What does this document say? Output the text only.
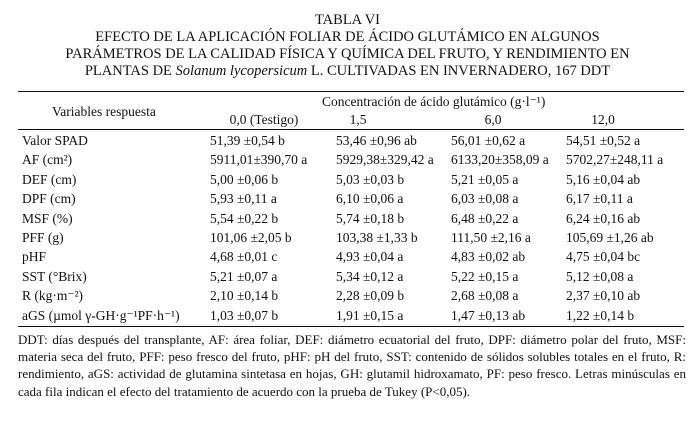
TABLA VI
EFECTO DE LA APLICACIÓN FOLIAR DE ÁCIDO GLUTÁMICO EN ALGUNOS
PARÁMETROS DE LA CALIDAD FÍSICA Y QUÍMICA DEL FRUTO, Y RENDIMIENTO EN
PLANTAS DE Solanum lycopersicum L. CULTIVADAS EN INVERNADERO, 167 DDT
Variables respuesta
Concentración de ácido glutámico (g·l⁻¹)
DDT: días después del transplante, AF: área foliar, DEF: diámetro ecuatorial del fruto, DPF: diámetro polar del fruto, MSF: materia seca del fruto, PFF: peso fresco del fruto, pHF: pH del fruto, SST: contenido de sólidos solubles totales en el fruto, R: rendimiento, aGS: actividad de glutamina sintetasa en hojas, GH: glutamil hidroxamato, PF: peso fresco. Letras minúsculas en cada fila indican el efecto del tratamiento de acuerdo con la prueba de Tukey (P<0,05).
0,0 (Testigo)	1,5	6,0	12,0
Valor SPAD	51,39 ±0,54 b	53,46 ±0,96 ab	56,01 ±0,62 a	54,51 ±0,52 a
AF (cm²)	5911,01±390,70 a 5929,38±329,42 a 6133,20±358,09 a 5702,27±248,11 a
DEF (cm)	5,00 ±0,06 b	5,03 ±0,03 b	5,21 ±0,05 a	5,16 ±0,04 ab
DPF (cm)	5,93 ±0,11 a	6,10 ±0,06 a	6,03 ±0,08 a	6,17 ±0,11 a
MSF (%)	5,54 ±0,22 b	5,74 ±0,18 b	6,48 ±0,22 a	6,24 ±0,16 ab
PFF (g)	101,06 ±2,05 b	103,38 ±1,33 b 111,50 ±2,16 a	105,69 ±1,26 ab
pHF	4,68 ±0,01 c	4,93 ±0,04 a	4,83 ±0,02 ab	4,75 ±0,04 bc
SST (°Brix)	5,21 ±0,07 a	5,34 ±0,12 a	5,22 ±0,15 a	5,12 ±0,08 a
R (kg·m⁻²)	2,10 ±0,14 b	2,28 ±0,09 b	2,68 ±0,08 a	2,37 ±0,10 ab
aGS (µmol γ-GH·g⁻¹PF·h⁻¹) 1,03 ±0,07 b	1,91 ±0,15 a	1,47 ±0,13 ab	1,22 ±0,14 b
